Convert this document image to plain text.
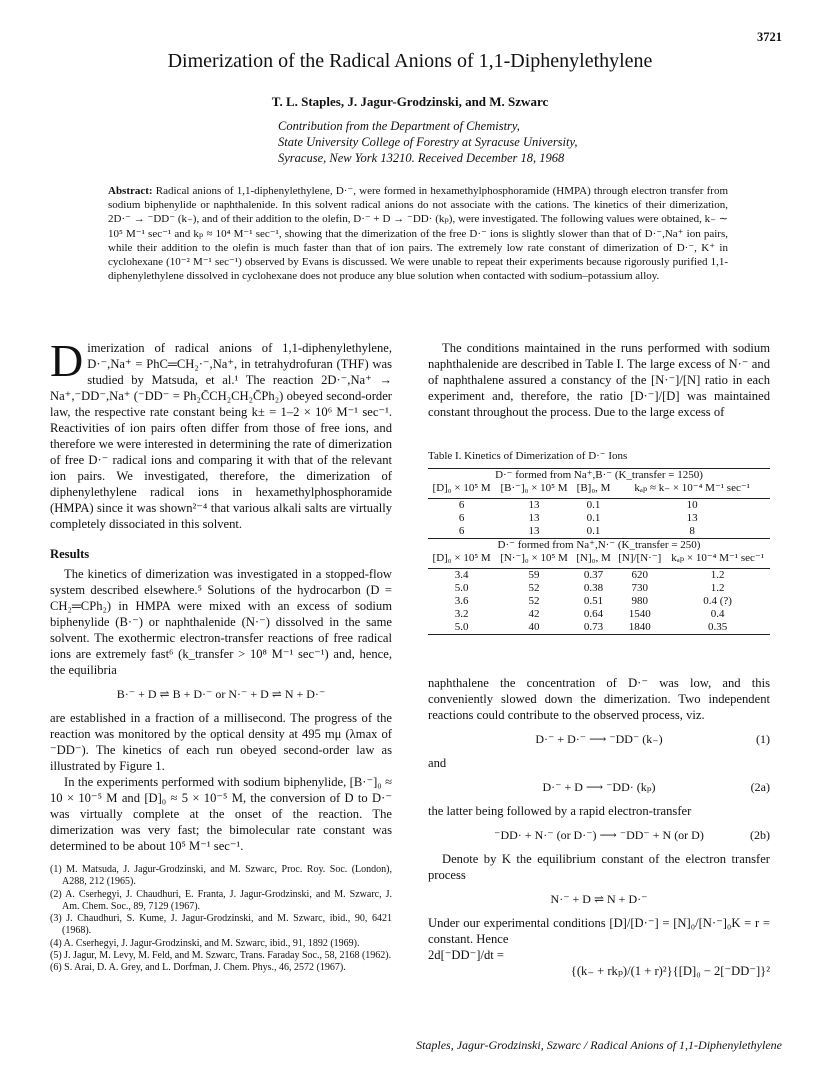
3721
Dimerization of the Radical Anions of 1,1-Diphenylethylene
T. L. Staples, J. Jagur-Grodzinski, and M. Szwarc
Contribution from the Department of Chemistry,
State University College of Forestry at Syracuse University,
Syracuse, New York 13210. Received December 18, 1968
Abstract: Radical anions of 1,1-diphenylethylene, D·⁻, were formed in hexamethylphosphoramide (HMPA) through electron transfer from sodium biphenylide or naphthalenide. In this solvent radical anions do not associate with the cations. The kinetics of their dimerization, 2D·⁻ → ⁻DD⁻ (k₋), and of their addition to the olefin, D·⁻ + D → ⁻DD· (kₚ), were investigated. The following values were obtained, k₋ ∼ 10⁵ M⁻¹ sec⁻¹ and kₚ ≈ 10⁴ M⁻¹ sec⁻¹, showing that the dimerization of the free D·⁻ ions is slightly slower than that of D·⁻,Na⁺ ion pairs, while their addition to the olefin is much faster than that of ion pairs. The extremely low rate constant of dimerization of D·⁻, K⁺ in cyclohexane (10⁻² M⁻¹ sec⁻¹) observed by Evans is discussed. We were unable to repeat their experiments because rigorously purified 1,1-diphenylethylene dissolved in cyclohexane does not produce any blue solution when contacted with sodium–potassium alloy.

Dimerization of radical anions of 1,1-diphenylethylene, D·⁻,Na⁺ = PhC═CH₂·⁻,Na⁺, in tetrahydrofuran (THF) was studied by Matsuda, et al.¹ The reaction 2D·⁻,Na⁺ → Na⁺,⁻DD⁻,Na⁺ (⁻DD⁻ = Ph₂C̄CH₂CH₂C̄Ph₂) obeyed second-order law, the respective rate constant being k± = 1–2 × 10⁶ M⁻¹ sec⁻¹. Reactivities of ion pairs often differ from those of free ions, and therefore we were interested in determining the rate of dimerization of free D·⁻ radical ions and comparing it with that of the relevant ion pairs. We investigated, therefore, the dimerization of diphenylethylene radical ions in hexamethylphosphoramide (HMPA) since it was shown²⁻⁴ that various alkali salts are virtually completely dissociated in this solvent.

Results

The kinetics of dimerization was investigated in a stopped-flow system described elsewhere.⁵ Solutions of the hydrocarbon (D = CH₂═CPh₂) in HMPA were mixed with an excess of sodium biphenylide (B·⁻) or naphthalenide (N·⁻) dissolved in the same solvent. The exothermic electron-transfer reactions of free radical ions are extremely fast⁶ (k_transfer > 10⁸ M⁻¹ sec⁻¹) and, hence, the equilibria

B·⁻ + D ⇌ B + D·⁻ or N·⁻ + D ⇌ N + D·⁻

are established in a fraction of a millisecond. The progress of the reaction was monitored by the optical density at 495 mμ (λmax of ⁻DD⁻). The kinetics of each run obeyed second-order law as illustrated by Figure 1.

In the experiments performed with sodium biphenylide, [B·⁻]₀ ≈ 10 × 10⁻⁵ M and [D]₀ ≈ 5 × 10⁻⁵ M, the conversion of D to D·⁻ was virtually complete at the onset of the reaction. The dimerization was very fast; the bimolecular rate constant was determined to be about 10⁵ M⁻¹ sec⁻¹.

(1) M. Matsuda, J. Jagur-Grodzinski, and M. Szwarc, Proc. Roy. Soc. (London), A288, 212 (1965).
(2) A. Cserhegyi, J. Chaudhuri, E. Franta, J. Jagur-Grodzinski, and M. Szwarc, J. Am. Chem. Soc., 89, 7129 (1967).
(3) J. Chaudhuri, S. Kume, J. Jagur-Grodzinski, and M. Szwarc, ibid., 90, 6421 (1968).
(4) A. Cserhegyi, J. Jagur-Grodzinski, and M. Szwarc, ibid., 91, 1892 (1969).
(5) J. Jagur, M. Levy, M. Feld, and M. Szwarc, Trans. Faraday Soc., 58, 2168 (1962).
(6) S. Arai, D. A. Grey, and L. Dorfman, J. Chem. Phys., 46, 2572 (1967).

The conditions maintained in the runs performed with sodium naphthalenide are described in Table I. The large excess of N·⁻ and of naphthalene assured a constancy of the [N·⁻]/[N] ratio in each experiment and, therefore, the ratio [D·⁻]/[D] was maintained constant throughout the process. Due to the large excess of

Table I. Kinetics of Dimerization of D·⁻ Ions
D·⁻ formed from Na⁺,B·⁻ (K_transfer = 1250)				
[D]₀ × 10⁵ M	[B·⁻]₀ × 10⁵ M	[B]₀, M	kₐₚ ≈ k₋ × 10⁻⁴ M⁻¹ sec⁻¹	

6	13	0.1	10	
6	13	0.1	13	
6	13	0.1	8	
D·⁻ formed from Na⁺,N·⁻ (K_transfer = 250)				
[D]₀ × 10⁵ M	[N·⁻]₀ × 10⁵ M	[N]₀, M	[N]/[N·⁻]	kₐₚ × 10⁻⁴ M⁻¹ sec⁻¹

3.4	59	0.37	620	1.2
5.0	52	0.38	730	1.2
3.6	52	0.51	980	0.4 (?)
3.2	42	0.64	1540	0.4
5.0	40	0.73	1840	0.35

naphthalene the concentration of D·⁻ was low, and this conveniently slowed down the dimerization. Two independent reactions could contribute to the observed process, viz.

D·⁻ + D·⁻ ⟶ ⁻DD⁻ (k₋)	(1)

and

D·⁻ + D ⟶ ⁻DD· (kₚ)	(2a)

the latter being followed by a rapid electron-transfer

⁻DD· + N·⁻ (or D·⁻) ⟶ ⁻DD⁻ + N (or D)	(2b)

Denote by K the equilibrium constant of the electron transfer process

N·⁻ + D ⇌ N + D·⁻

Under our experimental conditions [D]/[D·⁻] = [N]₀/[N·⁻]₀K = r = constant. Hence

2d[⁻DD⁻]/dt =
{(k₋ + rkₚ)/(1 + r)²}{[D]₀ − 2[⁻DD⁻]}²
Staples, Jagur-Grodzinski, Szwarc / Radical Anions of 1,1-Diphenylethylene
